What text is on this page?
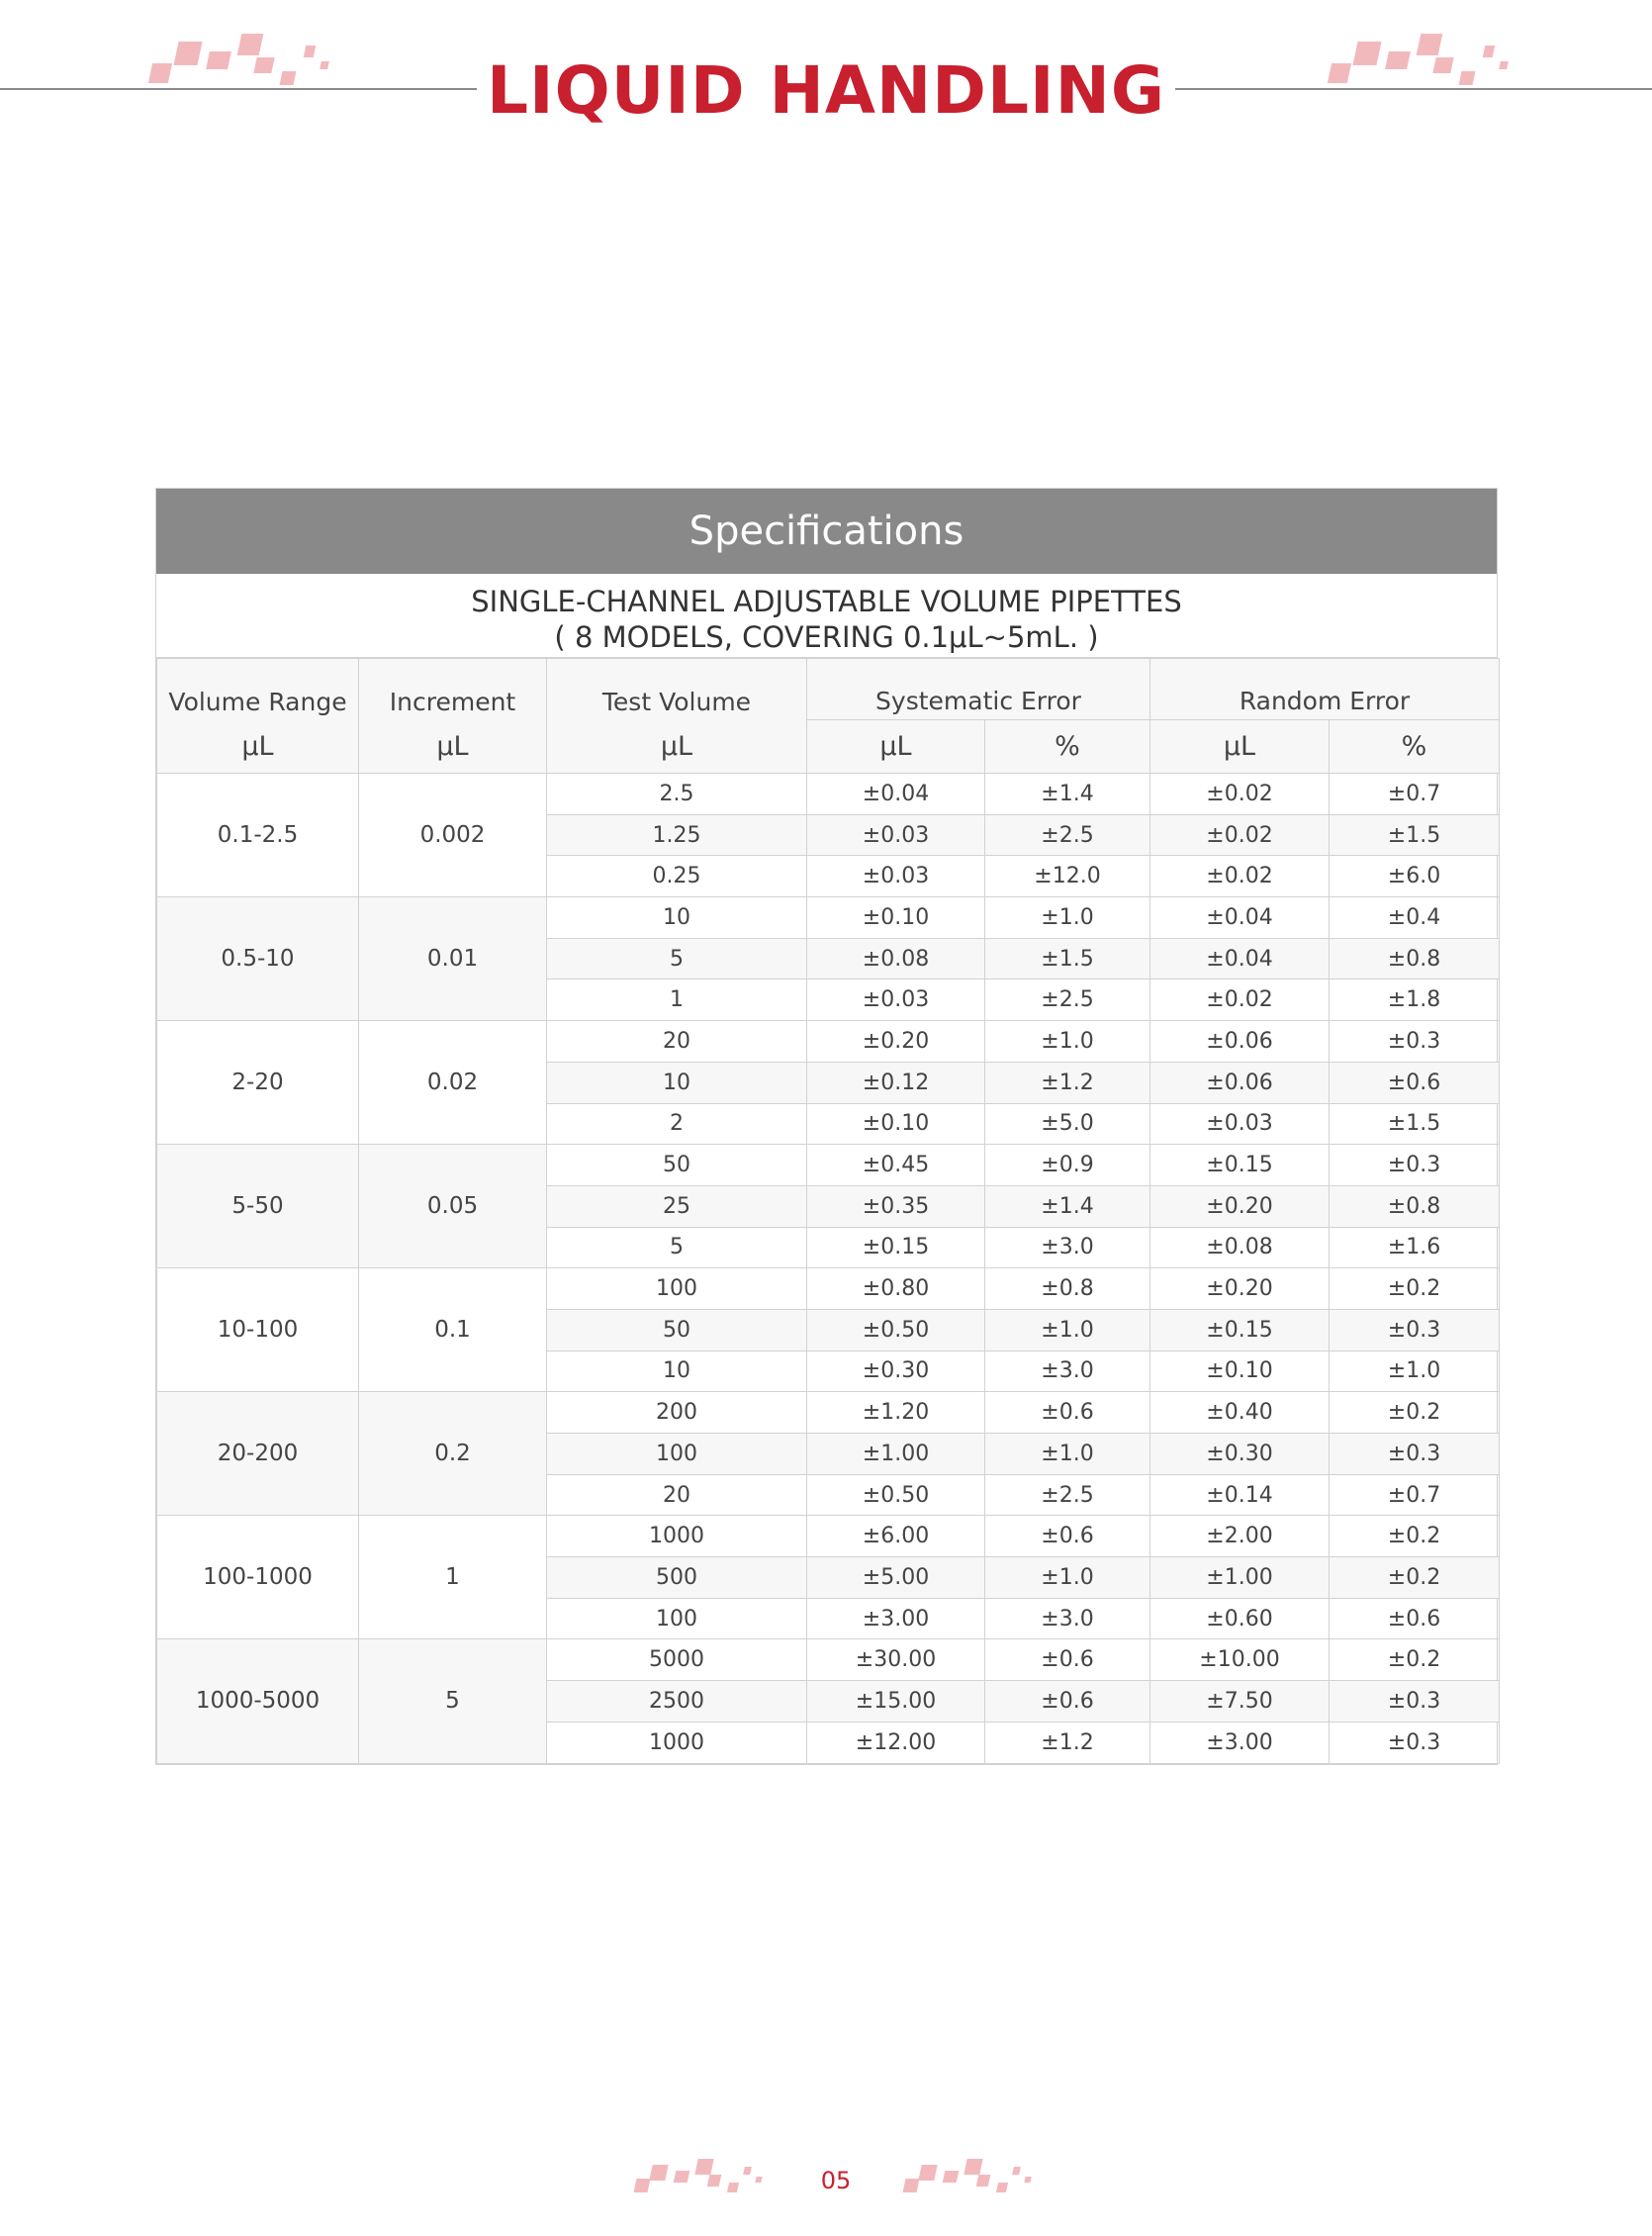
LIQUID HANDLING
Specifications
SINGLE-CHANNEL ADJUSTABLE VOLUME PIPETTES
( 8 MODELS, COVERING 0.1μL~5mL. )
Volume Range	Increment	Test Volume	Systematic Error		Random Error	
μL	μL	μL	μL	%	μL	%
0.1-2.5	0.002	2.5	±0.04	±1.4	±0.02	±0.7
		1.25	±0.03	±2.5	±0.02	±1.5
		0.25	±0.03	±12.0	±0.02	±6.0
0.5-10	0.01	10	±0.10	±1.0	±0.04	±0.4
		5	±0.08	±1.5	±0.04	±0.8
		1	±0.03	±2.5	±0.02	±1.8
2-20	0.02	20	±0.20	±1.0	±0.06	±0.3
		10	±0.12	±1.2	±0.06	±0.6
		2	±0.10	±5.0	±0.03	±1.5
5-50	0.05	50	±0.45	±0.9	±0.15	±0.3
		25	±0.35	±1.4	±0.20	±0.8
		5	±0.15	±3.0	±0.08	±1.6
10-100	0.1	100	±0.80	±0.8	±0.20	±0.2
		50	±0.50	±1.0	±0.15	±0.3
		10	±0.30	±3.0	±0.10	±1.0
20-200	0.2	200	±1.20	±0.6	±0.40	±0.2
		100	±1.00	±1.0	±0.30	±0.3
		20	±0.50	±2.5	±0.14	±0.7
100-1000	1	1000	±6.00	±0.6	±2.00	±0.2
		500	±5.00	±1.0	±1.00	±0.2
		100	±3.00	±3.0	±0.60	±0.6
1000-5000	5	5000	±30.00	±0.6	±10.00	±0.2
		2500	±15.00	±0.6	±7.50	±0.3
		1000	±12.00	±1.2	±3.00	±0.3
05
